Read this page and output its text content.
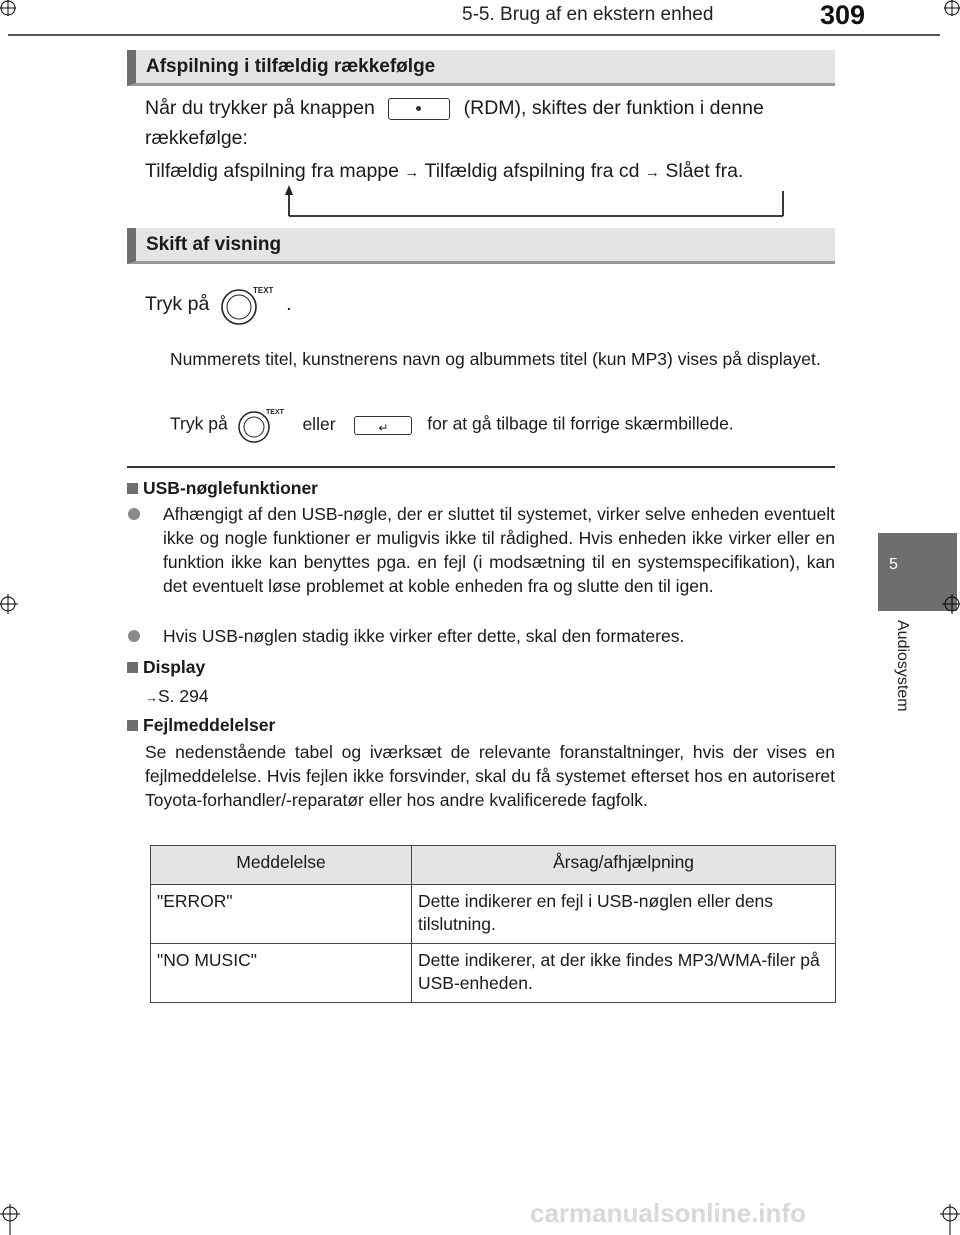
5-5. Brug af en ekstern enhed	309
5
Audiosystem
Afspilning i tilfældig rækkefølge
Når du trykker på knappen	(RDM), skiftes der funktion i denne
rækkefølge:
Tilfældig afspilning fra mappe → Tilfældig afspilning fra cd → Slået fra.
Skift af visning
Tryk på
TEXT
.
Nummerets titel, kunstnerens navn og albummets titel (kun MP3) vises på displayet.
Tryk på
TEXT
eller	↵ for at gå tilbage til forrige skærmbillede.
USB-nøglefunktioner
Afhængigt af den USB-nøgle, der er sluttet til systemet, virker selve enheden eventuelt ikke og nogle funktioner er muligvis ikke til rådighed. Hvis enheden ikke virker eller en funktion ikke kan benyttes pga. en fejl (i modsætning til en systemspecifikation), kan det eventuelt løse problemet at koble enheden fra og slutte den til igen.
Hvis USB-nøglen stadig ikke virker efter dette, skal den formateres.
Display
→S. 294
Fejlmeddelelser
Se nedenstående tabel og iværksæt de relevante foranstaltninger, hvis der vises en fejlmeddelelse. Hvis fejlen ikke forsvinder, skal du få systemet efterset hos en autoriseret Toyota-forhandler/-reparatør eller hos andre kvalificerede fagfolk.
Meddelelse	Årsag/afhjælpning
"ERROR"	Dette indikerer en fejl i USB-nøglen eller dens tilslutning.
"NO MUSIC"	Dette indikerer, at der ikke findes MP3/WMA-filer på USB-enheden.
carmanualsonline.info
